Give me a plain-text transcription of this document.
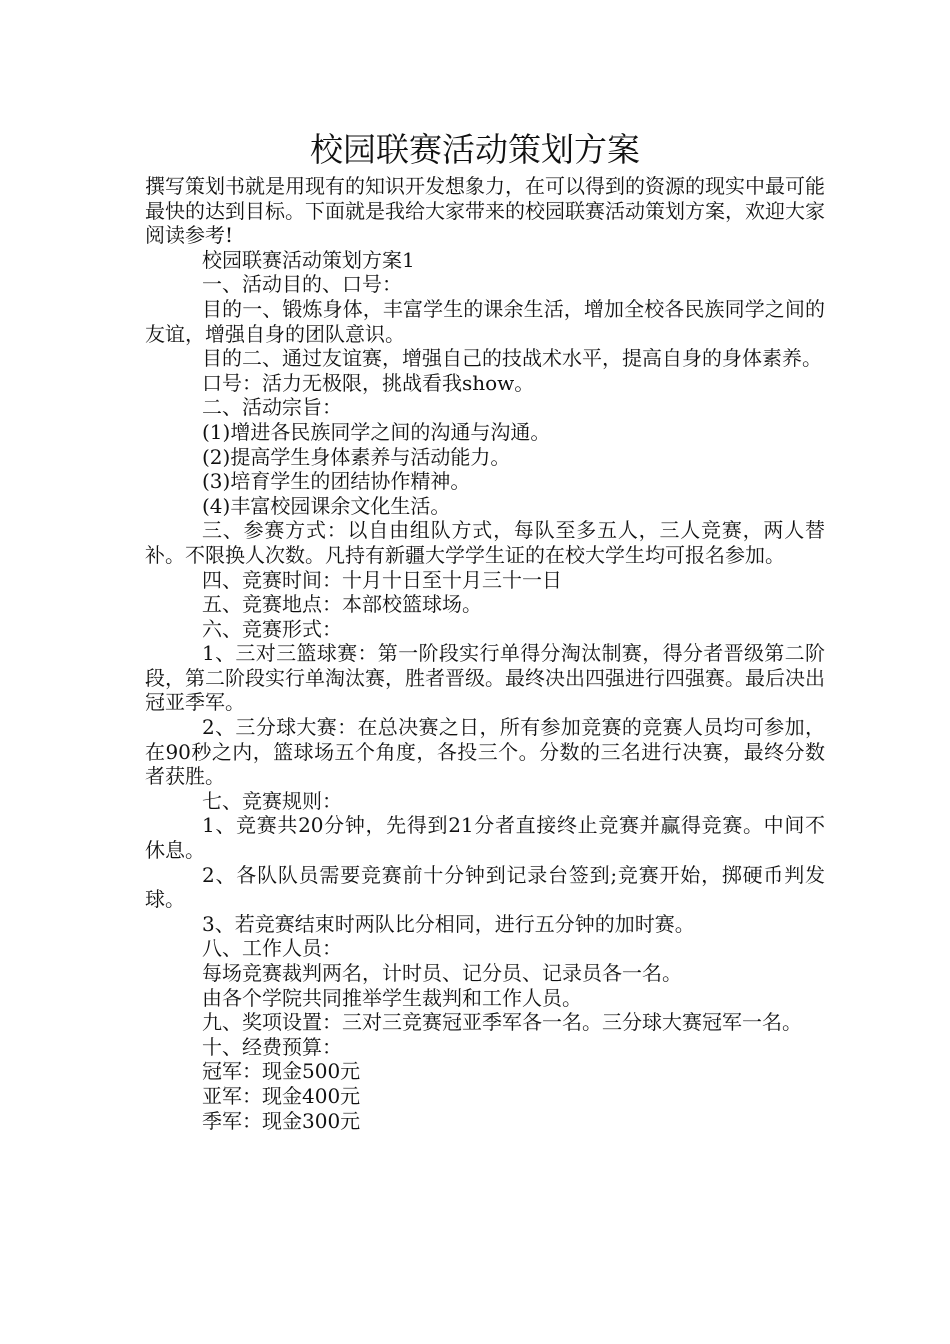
校园联赛活动策划方案

撰写策划书就是用现有的知识开发想象力，在可以得到的资源的现实中最可能最快的达到目标。下面就是我给大家带来的校园联赛活动策划方案，欢迎大家阅读参考!

校园联赛活动策划方案1

一、活动目的、口号：

目的一、锻炼身体，丰富学生的课余生活，增加全校各民族同学之间的友谊，增强自身的团队意识。

目的二、通过友谊赛，增强自己的技战术水平，提高自身的身体素养。

口号：活力无极限，挑战看我show。

二、活动宗旨：

(1)增进各民族同学之间的沟通与沟通。

(2)提高学生身体素养与活动能力。

(3)培育学生的团结协作精神。

(4)丰富校园课余文化生活。

三、参赛方式：以自由组队方式，每队至多五人，三人竞赛，两人替补。不限换人次数。凡持有新疆大学学生证的在校大学生均可报名参加。

四、竞赛时间：十月十日至十月三十一日

五、竞赛地点：本部校篮球场。

六、竞赛形式：

1、三对三篮球赛：第一阶段实行单得分淘汰制赛，得分者晋级第二阶段，第二阶段实行单淘汰赛，胜者晋级。最终决出四强进行四强赛。最后决出冠亚季军。

2、三分球大赛：在总决赛之日，所有参加竞赛的竞赛人员均可参加，在90秒之内，篮球场五个角度，各投三个。分数的三名进行决赛，最终分数者获胜。

七、竞赛规则：

1、竞赛共20分钟，先得到21分者直接终止竞赛并赢得竞赛。中间不休息。

2、各队队员需要竞赛前十分钟到记录台签到;竞赛开始，掷硬币判发球。

3、若竞赛结束时两队比分相同，进行五分钟的加时赛。

八、工作人员：

每场竞赛裁判两名，计时员、记分员、记录员各一名。

由各个学院共同推举学生裁判和工作人员。

九、奖项设置：三对三竞赛冠亚季军各一名。三分球大赛冠军一名。

十、经费预算：

冠军：现金500元

亚军：现金400元

季军：现金300元
